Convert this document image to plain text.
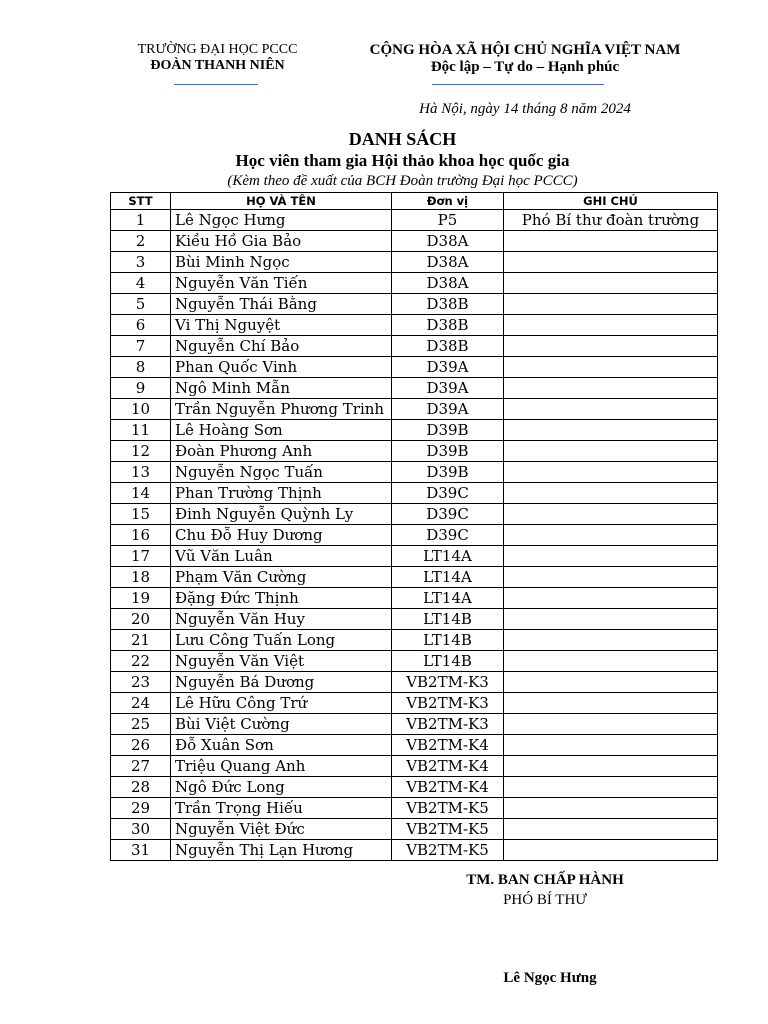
TRƯỜNG ĐẠI HỌC PCCC
ĐOÀN THANH NIÊN
CỘNG HÒA XÃ HỘI CHỦ NGHĨA VIỆT NAM
Độc lập – Tự do – Hạnh phúc
Hà Nội, ngày 14 tháng 8 năm 2024
DANH SÁCH
Học viên tham gia Hội thảo khoa học quốc gia
(Kèm theo đề xuất của BCH Đoàn trường Đại học PCCC)
STT	HỌ VÀ TÊN	Đơn vị	GHI CHÚ
1	Lê Ngọc Hưng	P5	Phó Bí thư đoàn trường
2	Kiều Hồ Gia Bảo	D38A	
3	Bùi Minh Ngọc	D38A	
4	Nguyễn Văn Tiến	D38A	
5	Nguyễn Thái Bằng	D38B	
6	Vi Thị Nguyệt	D38B	
7	Nguyễn Chí Bảo	D38B	
8	Phan Quốc Vinh	D39A	
9	Ngô Minh Mẫn	D39A	
10	Trần Nguyễn Phương Trinh	D39A	
11	Lê Hoàng Sơn	D39B	
12	Đoàn Phương Anh	D39B	
13	Nguyễn Ngọc Tuấn	D39B	
14	Phan Trường Thịnh	D39C	
15	Đinh Nguyễn Quỳnh Ly	D39C	
16	Chu Đỗ Huy Dương	D39C	
17	Vũ Văn Luân	LT14A	
18	Phạm Văn Cường	LT14A	
19	Đặng Đức Thịnh	LT14A	
20	Nguyễn Văn Huy	LT14B	
21	Lưu Công Tuấn Long	LT14B	
22	Nguyễn Văn Việt	LT14B	
23	Nguyễn Bá Dương	VB2TM-K3	
24	Lê Hữu Công Trứ	VB2TM-K3	
25	Bùi Việt Cường	VB2TM-K3	
26	Đỗ Xuân Sơn	VB2TM-K4	
27	Triệu Quang Anh	VB2TM-K4	
28	Ngô Đức Long	VB2TM-K4	
29	Trần Trọng Hiếu	VB2TM-K5	
30	Nguyễn Việt Đức	VB2TM-K5	
31	Nguyễn Thị Lạn Hương	VB2TM-K5	
TM. BAN CHẤP HÀNH
PHÓ BÍ THƯ
Lê Ngọc Hưng
